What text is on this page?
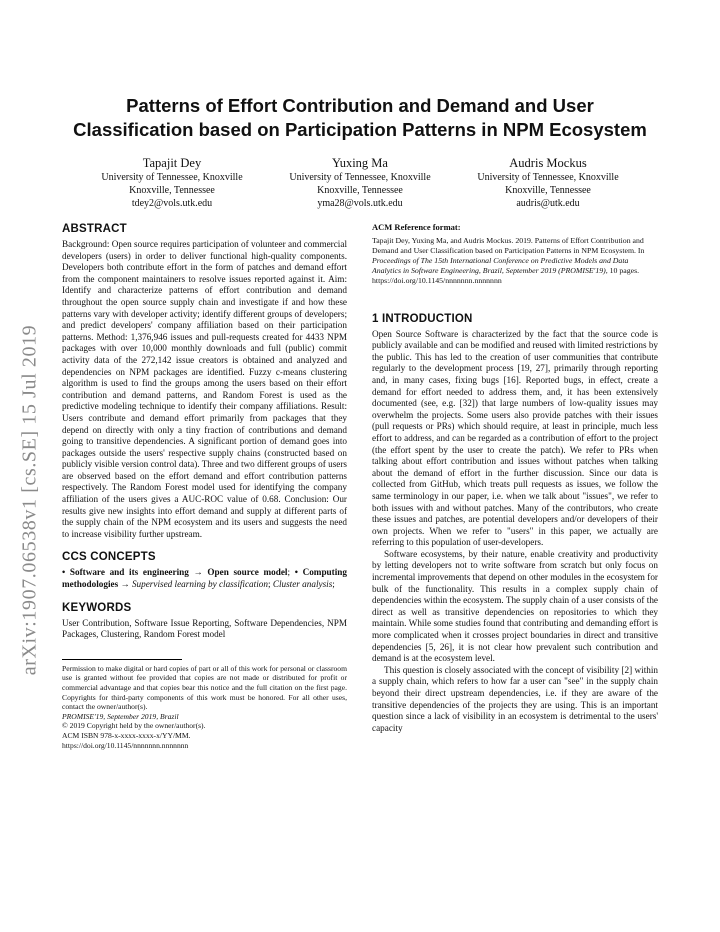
arXiv:1907.06538v1 [cs.SE] 15 Jul 2019
Patterns of Effort Contribution and Demand and User
Classification based on Participation Patterns in NPM Ecosystem
Tapajit Dey
University of Tennessee, Knoxville
Knoxville, Tennessee
tdey2@vols.utk.edu
Yuxing Ma
University of Tennessee, Knoxville
Knoxville, Tennessee
yma28@vols.utk.edu
Audris Mockus
University of Tennessee, Knoxville
Knoxville, Tennessee
audris@utk.edu
ABSTRACT

Background: Open source requires participation of volunteer and commercial developers (users) in order to deliver functional high-quality components. Developers both contribute effort in the form of patches and demand effort from the component maintainers to resolve issues reported against it. Aim: Identify and characterize patterns of effort contribution and demand throughout the open source supply chain and investigate if and how these patterns vary with developer activity; identify different groups of developers; and predict developers' company affiliation based on their participation patterns. Method: 1,376,946 issues and pull-requests created for 4433 NPM packages with over 10,000 monthly downloads and full (public) commit activity data of the 272,142 issue creators is obtained and analyzed and dependencies on NPM packages are identified. Fuzzy c-means clustering algorithm is used to find the groups among the users based on their effort contribution and demand patterns, and Random Forest is used as the predictive modeling technique to identify their company affiliations. Result: Users contribute and demand effort primarily from packages that they depend on directly with only a tiny fraction of contributions and demand going to transitive dependencies. A significant portion of demand goes into packages outside the users' respective supply chains (constructed based on publicly visible version control data). Three and two different groups of users are observed based on the effort demand and effort contribution patterns respectively. The Random Forest model used for identifying the company affiliation of the users gives a AUC-ROC value of 0.68. Conclusion: Our results give new insights into effort demand and supply at different parts of the supply chain of the NPM ecosystem and its users and suggests the need to increase visibility further upstream.

CCS CONCEPTS

• Software and its engineering → Open source model; • Computing methodologies → Supervised learning by classification; Cluster analysis;

KEYWORDS

User Contribution, Software Issue Reporting, Software Dependencies, NPM Packages, Clustering, Random Forest model

Permission to make digital or hard copies of part or all of this work for personal or classroom use is granted without fee provided that copies are not made or distributed for profit or commercial advantage and that copies bear this notice and the full citation on the first page. Copyrights for third-party components of this work must be honored. For all other uses, contact the owner/author(s).
PROMISE'19, September 2019, Brazil
© 2019 Copyright held by the owner/author(s).
ACM ISBN 978-x-xxxx-xxxx-x/YY/MM.
https://doi.org/10.1145/nnnnnnn.nnnnnnn
ACM Reference format:
Tapajit Dey, Yuxing Ma, and Audris Mockus. 2019. Patterns of Effort Contribution and Demand and User Classification based on Participation Patterns in NPM Ecosystem. In Proceedings of The 15th International Conference on Predictive Models and Data Analytics in Software Engineering, Brazil, September 2019 (PROMISE'19), 10 pages.
https://doi.org/10.1145/nnnnnnn.nnnnnnn
1 INTRODUCTION

Open Source Software is characterized by the fact that the source code is publicly available and can be modified and reused with limited restrictions by the public. This has led to the creation of user communities that contribute regularly to the development process [19, 27], primarily through reporting and, in many cases, fixing bugs [16]. Reported bugs, in effect, create a demand for effort needed to address them, and, it has been extensively documented (see, e.g. [32]) that large numbers of low-quality issues may overwhelm the projects. Some users also provide patches with their issues (pull requests or PRs) which should require, at least in principle, much less effort to address, and can be regarded as a contribution of effort to the project (the effort spent by the user to create the patch). We refer to PRs when talking about effort contribution and issues without patches when talking about the demand of effort in the further discussion. Since our data is collected from GitHub, which treats pull requests as issues, we follow the same terminology in our paper, i.e. when we talk about "issues", we refer to both issues with and without patches. Many of the contributors, who create these issues and patches, are potential developers and/or developers of their own projects. When we refer to "users" in this paper, we actually are referring to this population of user-developers.

Software ecosystems, by their nature, enable creativity and productivity by letting developers not to write software from scratch but only focus on incremental improvements that depend on other modules in the ecosystem for bulk of the functionality. This results in a complex supply chain of dependencies within the ecosystem. The supply chain of a user consists of the direct as well as transitive dependencies on repositories to which they maintain. While some studies found that contributing and demanding effort is more complicated when it crosses project boundaries in direct and transitive dependencies [5, 26], it is not clear how prevalent such contribution and demand is at the ecosystem level.

This question is closely associated with the concept of visibility [2] within a supply chain, which refers to how far a user can "see" in the supply chain beyond their direct upstream dependencies, i.e. if they are aware of the transitive dependencies of the projects they are using. This is an important question since a lack of visibility in an ecosystem is detrimental to the users' capacity
